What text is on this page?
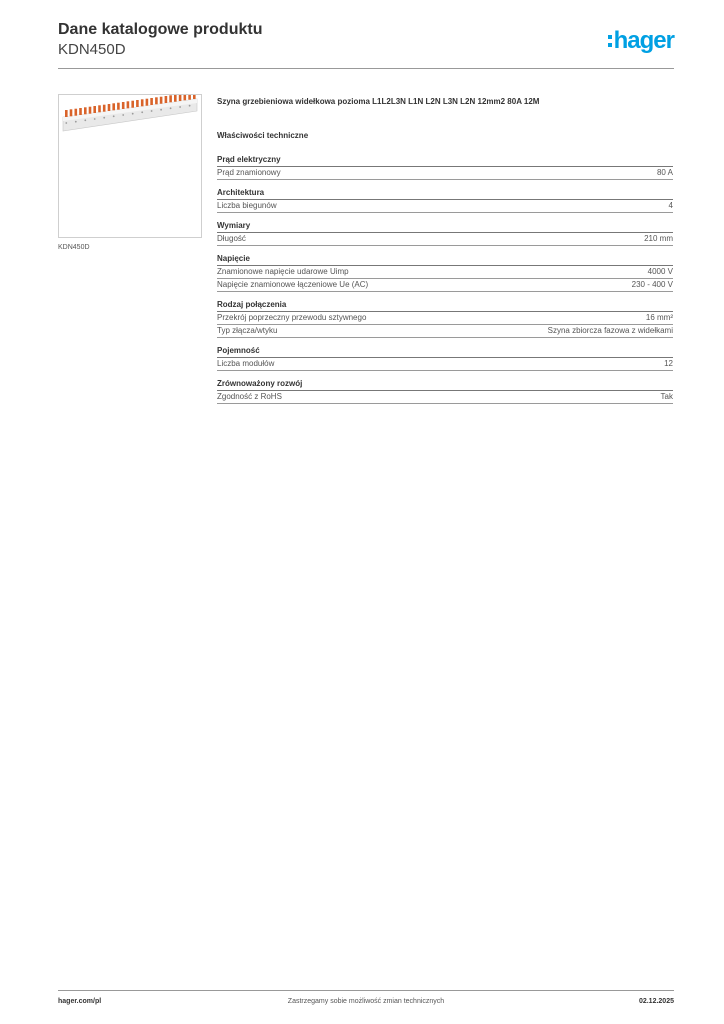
Dane katalogowe produktu

KDN450D	hager
KDN450D

Szyna grzebieniowa widełkowa pozioma L1L2L3N L1N L2N L3N L2N 12mm2 80A 12M

Właściwości techniczne

Prąd elektryczny
Prąd znamionowy	80 A
Architektura
Liczba biegunów	4
Wymiary
Długość	210 mm
Napięcie
Znamionowe napięcie udarowe Uimp	4000 V
Napięcie znamionowe łączeniowe Ue (AC)	230 - 400 V
Rodzaj połączenia
Przekrój poprzeczny przewodu sztywnego	16 mm²
Typ złącza/wtyku	Szyna zbiorcza fazowa z widełkami
Pojemność
Liczba modułów	12
Zrównoważony rozwój
Zgodność z RoHS	Tak
hager.com/pl	Zastrzegamy sobie możliwość zmian technicznych	02.12.2025
